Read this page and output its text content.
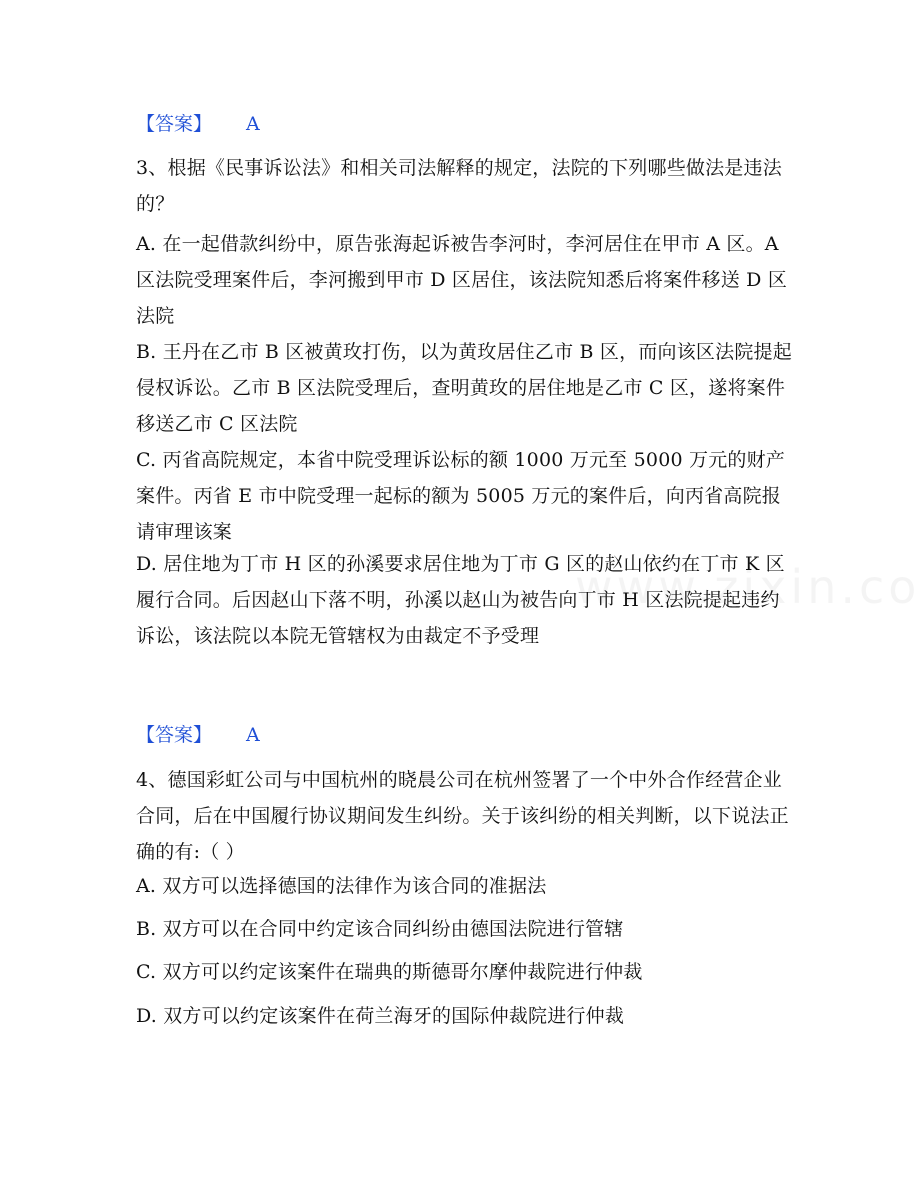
【答案】 A

3、根据《民事诉讼法》和相关司法解释的规定，法院的下列哪些做法是违法的？

A. 在一起借款纠纷中，原告张海起诉被告李河时，李河居住在甲市 A 区。A 区法院受理案件后，李河搬到甲市 D 区居住，该法院知悉后将案件移送 D 区法院

B. 王丹在乙市 B 区被黄玫打伤，以为黄玫居住乙市 B 区，而向该区法院提起侵权诉讼。乙市 B 区法院受理后，查明黄玫的居住地是乙市 C 区，遂将案件移送乙市 C 区法院

C. 丙省高院规定，本省中院受理诉讼标的额 1000 万元至 5000 万元的财产案件。丙省 E 市中院受理一起标的额为 5005 万元的案件后，向丙省高院报请审理该案

D. 居住地为丁市 H 区的孙溪要求居住地为丁市 G 区的赵山依约在丁市 K 区履行合同。后因赵山下落不明，孙溪以赵山为被告向丁市 H 区法院提起违约诉讼，该法院以本院无管辖权为由裁定不予受理

【答案】 A

4、德国彩虹公司与中国杭州的晓晨公司在杭州签署了一个中外合作经营企业合同，后在中国履行协议期间发生纠纷。关于该纠纷的相关判断，以下说法正确的有:（ ）

A. 双方可以选择德国的法律作为该合同的准据法

B. 双方可以在合同中约定该合同纠纷由德国法院进行管辖

C. 双方可以约定该案件在瑞典的斯德哥尔摩仲裁院进行仲裁

D. 双方可以约定该案件在荷兰海牙的国际仲裁院进行仲裁
